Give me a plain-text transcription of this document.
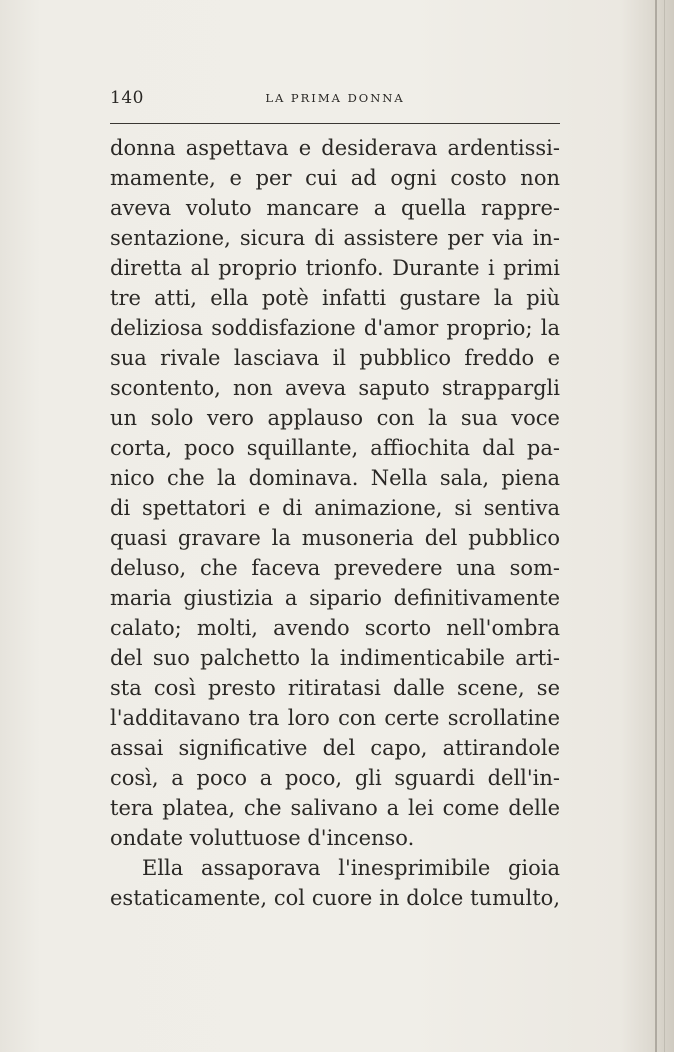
140	LA PRIMA DONNA
donna aspettava e desiderava ardentissi-
mamente, e per cui ad ogni costo non
aveva voluto mancare a quella rappre-
sentazione, sicura di assistere per via in-
diretta al proprio trionfo. Durante i primi
tre atti, ella potè infatti gustare la più
deliziosa soddisfazione d'amor proprio; la
sua rivale lasciava il pubblico freddo e
scontento, non aveva saputo strappargli
un solo vero applauso con la sua voce
corta, poco squillante, affiochita dal pa-
nico che la dominava. Nella sala, piena
di spettatori e di animazione, si sentiva
quasi gravare la musoneria del pubblico
deluso, che faceva prevedere una som-
maria giustizia a sipario definitivamente
calato; molti, avendo scorto nell'ombra
del suo palchetto la indimenticabile arti-
sta così presto ritiratasi dalle scene, se
l'additavano tra loro con certe scrollatine
assai significative del capo, attirandole
così, a poco a poco, gli sguardi dell'in-
tera platea, che salivano a lei come delle
ondate voluttuose d'incenso.
Ella assaporava l'inesprimibile gioia
estaticamente, col cuore in dolce tumulto,
